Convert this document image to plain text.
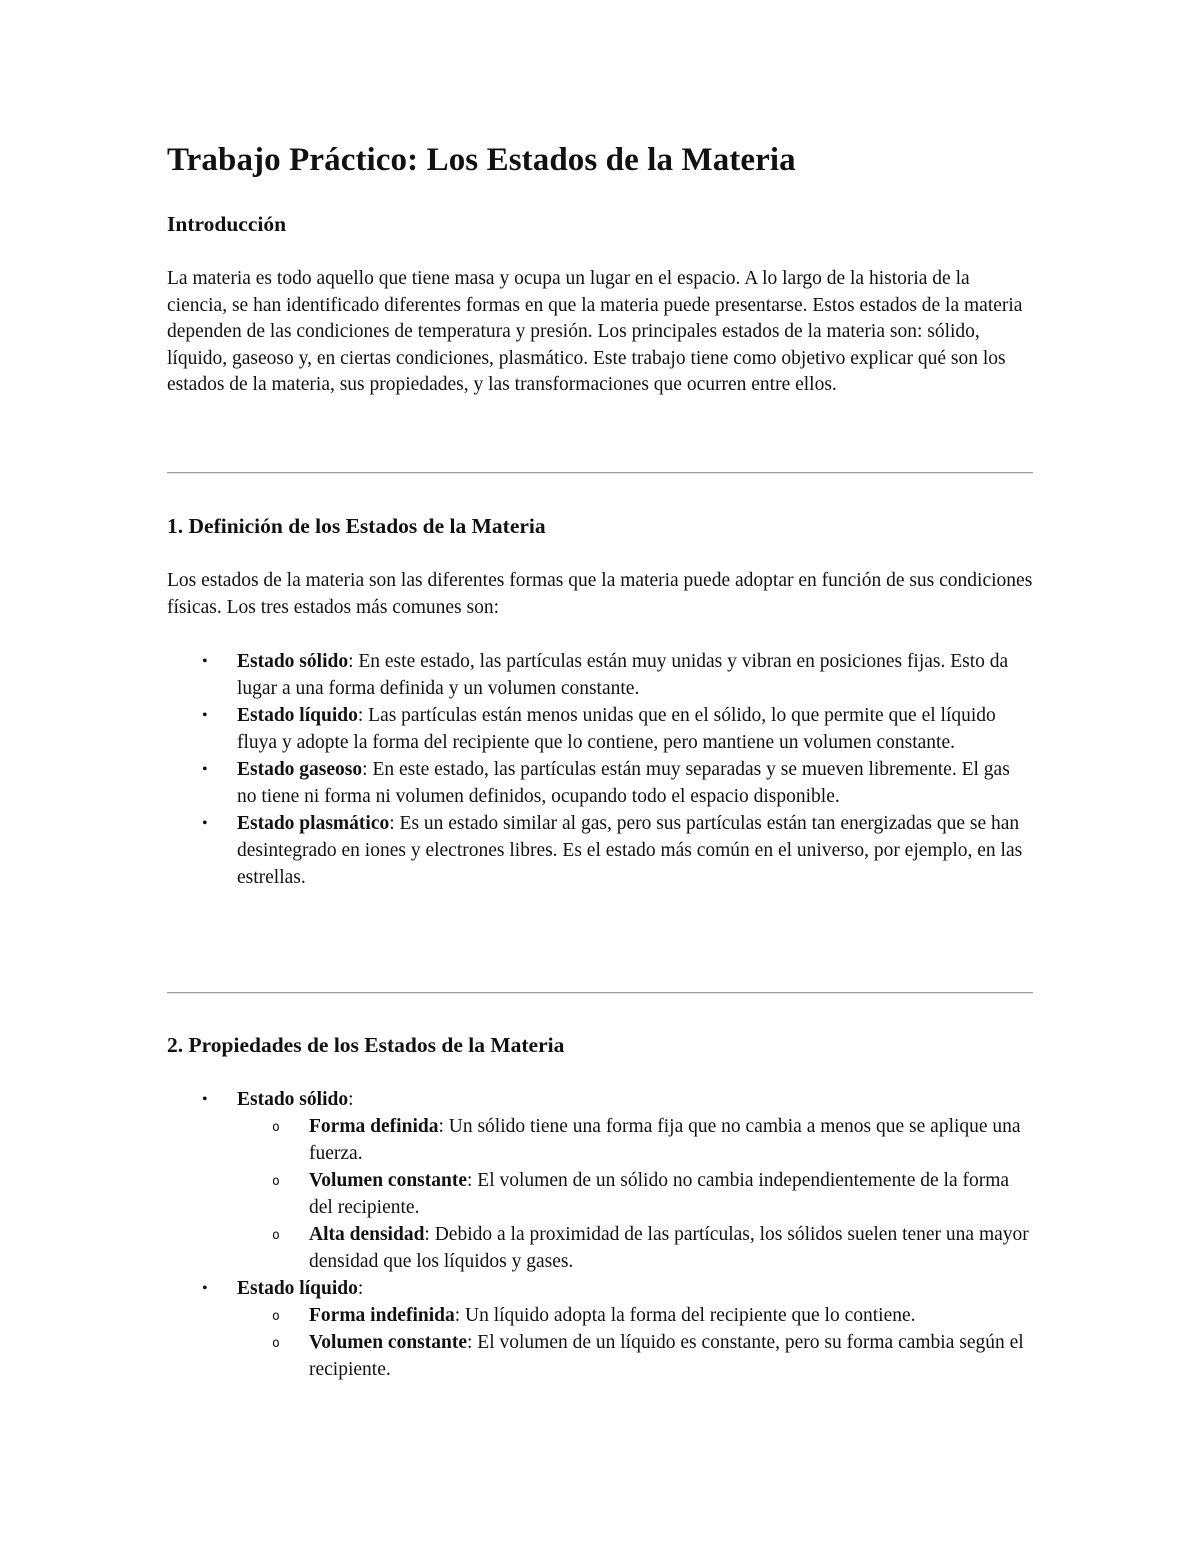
Trabajo Práctico: Los Estados de la Materia
Introducción

La materia es todo aquello que tiene masa y ocupa un lugar en el espacio. A lo largo de la historia de la ciencia, se han identificado diferentes formas en que la materia puede presentarse. Estos estados de la materia dependen de las condiciones de temperatura y presión. Los principales estados de la materia son: sólido, líquido, gaseoso y, en ciertas condiciones, plasmático. Este trabajo tiene como objetivo explicar qué son los estados de la materia, sus propiedades, y las transformaciones que ocurren entre ellos.

1. Definición de los Estados de la Materia

Los estados de la materia son las diferentes formas que la materia puede adoptar en función de sus condiciones físicas. Los tres estados más comunes son:

• Estado sólido: En este estado, las partículas están muy unidas y vibran en posiciones fijas. Esto da lugar a una forma definida y un volumen constante.
• Estado líquido: Las partículas están menos unidas que en el sólido, lo que permite que el líquido fluya y adopte la forma del recipiente que lo contiene, pero mantiene un volumen constante.
• Estado gaseoso: En este estado, las partículas están muy separadas y se mueven libremente. El gas no tiene ni forma ni volumen definidos, ocupando todo el espacio disponible.
• Estado plasmático: Es un estado similar al gas, pero sus partículas están tan energizadas que se han desintegrado en iones y electrones libres. Es el estado más común en el universo, por ejemplo, en las estrellas.
2. Propiedades de los Estados de la Materia
• Estado sólido:
o Forma definida: Un sólido tiene una forma fija que no cambia a menos que se aplique una fuerza.
o Volumen constante: El volumen de un sólido no cambia independientemente de la forma del recipiente.
o Alta densidad: Debido a la proximidad de las partículas, los sólidos suelen tener una mayor densidad que los líquidos y gases.
• Estado líquido:
o Forma indefinida: Un líquido adopta la forma del recipiente que lo contiene.
o Volumen constante: El volumen de un líquido es constante, pero su forma cambia según el recipiente.
